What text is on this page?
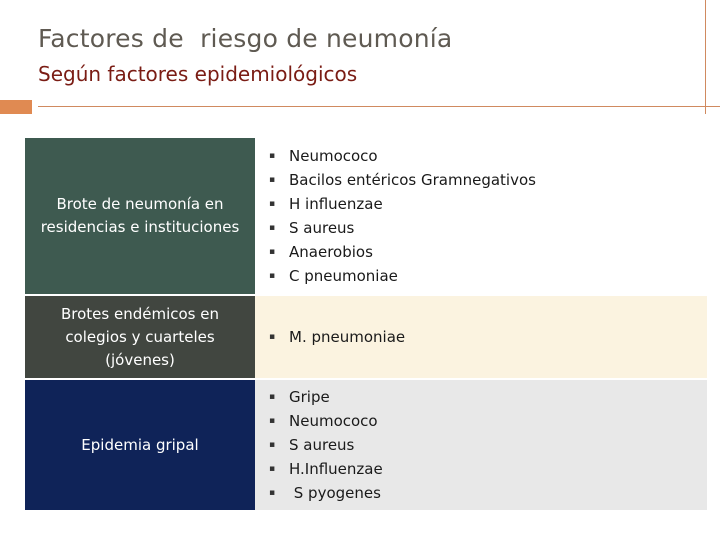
Factores de  riesgo de neumonía
Según factores epidemiológicos
Brote de neumonía en residencias e instituciones
▪ Neumococo
▪ Bacilos entéricos Gramnegativos
▪ H influenzae
▪ S aureus
▪ Anaerobios
▪ C pneumoniae
Brotes endémicos en colegios y cuarteles (jóvenes)
▪ M. pneumoniae
Epidemia gripal
▪ Gripe
▪ Neumococo
▪ S aureus
▪ H.Influenzae
▪ S pyogenes
